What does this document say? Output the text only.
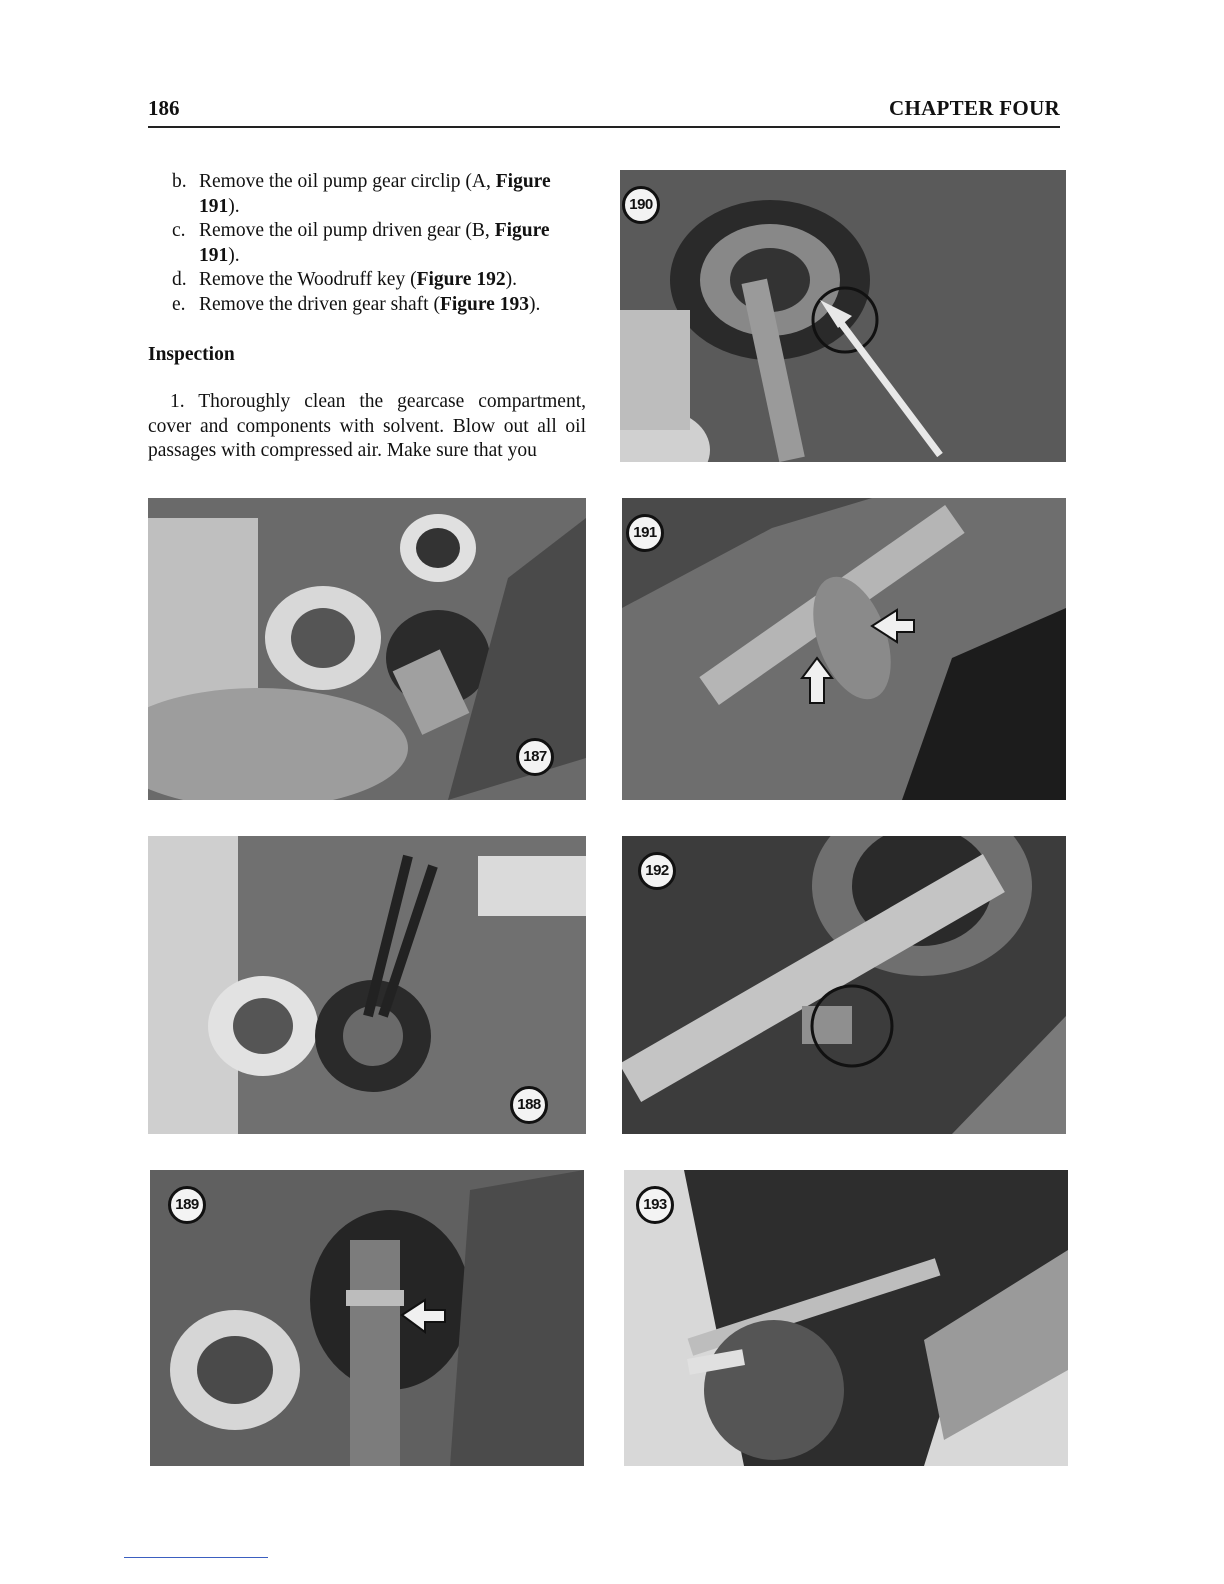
186	CHAPTER FOUR
b. Remove the oil pump gear circlip (A, Figure 191).
c. Remove the oil pump driven gear (B, Figure 191).
d. Remove the Woodruff key (Figure 192).
e. Remove the driven gear shaft (Figure 193).
Inspection

1. Thoroughly clean the gearcase compartment, cover and components with solvent. Blow out all oil passages with compressed air. Make sure that you

190
187
191
188
192
189	193
